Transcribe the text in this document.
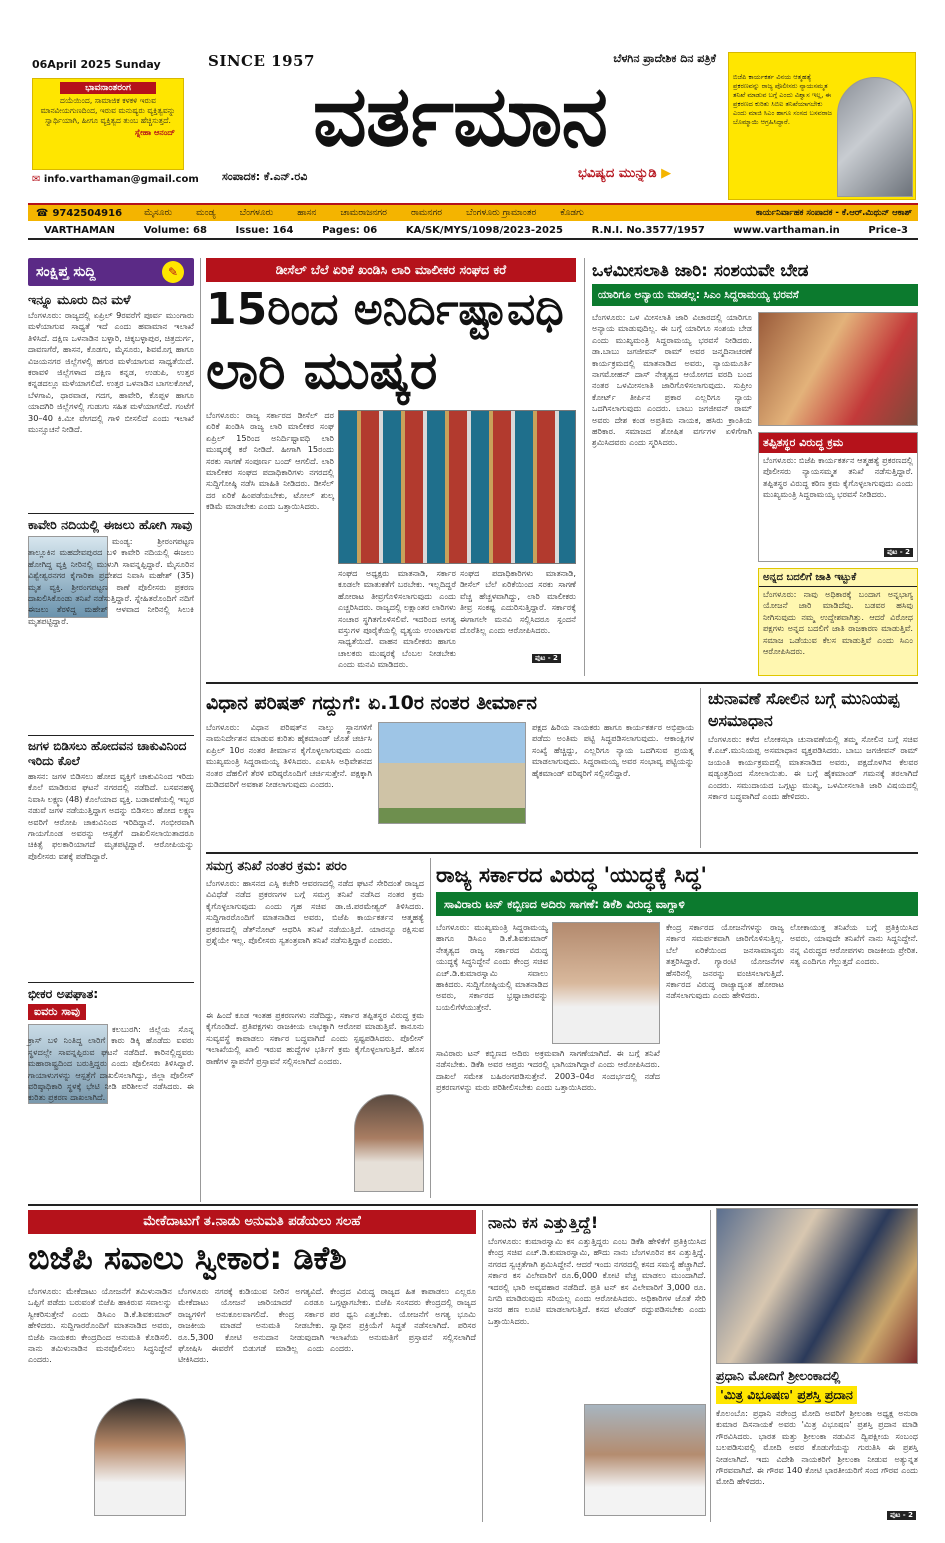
06April 2025 Sunday
ಭಾವನಾಂತರಂಗ
ದಯೆಯಿಂದ, ಸಾಮಾಜಿಕ ಕಳಕಳಿ ಇರುವ ಮಾನವೀಯಗುಣದಿಂದ, ಇರುವ ಮನುಷ್ಯರು ವ್ಯಕ್ತಿತ್ವವನ್ನು ಸ್ವಾರ್ಥಿಯಾಗಿ, ಹೀಗೂ ವ್ಯಕ್ತಿತ್ವದ ತುಂಬ ಹೆಚ್ಚಿಸುತ್ತದೆ.
ಸ್ನೇಹಾ ಆನಂದ್
✉ info.varthaman@gmail.com
SINCE 1957	ಬೆಳಗಿನ ಪ್ರಾದೇಶಿಕ ದಿನ ಪತ್ರಿಕೆ
ವರ್ತಮಾನ
ಸಂಪಾದಕ: ಕೆ.ಎನ್.ರವಿ	ಭವಿಷ್ಯದ ಮುನ್ನುಡಿ ▶
ಬಿಜೆಪಿ ಕಾರ್ಯಕರ್ತ ವಿನಯ ಆತ್ಮಹತ್ಯೆ ಪ್ರಕರಣವನ್ನು ರಾಜ್ಯ ಪೊಲೀಸರು ನ್ಯಾಯಸಮ್ಮತ ತನಿಖೆ ಮಾಡುವ ಬಗ್ಗೆ ಎಂದು ವಿಶ್ವಾಸ ಇಲ್ಲ, ಈ ಪ್ರಕರಣದ ಕುರಿತು ಸಿಬಿಐ ತನಿಖೆಯಾಗಬೇಕು ಎಂದು ಮಾಜಿ ಸಿಎಂ ಹಾಗೂ ಸಂಸದ ಬಸವರಾಜ ಬೊಮ್ಮಾಯಿ ಆಗ್ರಹಿಸಿದ್ದಾರೆ.
☎ 9742504916	ಮೈಸೂರು	ಮಂಡ್ಯ	ಬೆಂಗಳೂರು	ಹಾಸನ	ಚಾಮರಾಜನಗರ	ರಾಮನಗರ	ಬೆಂಗಳೂರು ಗ್ರಾಮಾಂತರ	ಕೊಡಗು	ಕಾರ್ಯನಿರ್ವಾಹಕ ಸಂಪಾದಕ - ಕೆ.ಆರ್.ಮಿಥುನ್ ಆಕಾಶ್
VARTHAMAN	Volume: 68	Issue: 164	Pages: 06	KA/SK/MYS/1098/2023-2025	R.N.I. No.3577/1957	www.varthaman.in	Price-3
ಸಂಕ್ಷಿಪ್ತ ಸುದ್ದಿ	✎
ಇನ್ನೂ ಮೂರು ದಿನ ಮಳೆ
ಬೆಂಗಳೂರು: ರಾಜ್ಯದಲ್ಲಿ ಏಪ್ರಿಲ್ 9ರವರೆಗೆ ಪೂರ್ವ ಮುಂಗಾರು ಮಳೆಯಾಗುವ ಸಾಧ್ಯತೆ ಇದೆ ಎಂದು ಹವಾಮಾನ ಇಲಾಖೆ ತಿಳಿಸಿದೆ. ದಕ್ಷಿಣ ಒಳನಾಡಿನ ಬಳ್ಳಾರಿ, ಚಿಕ್ಕಬಳ್ಳಾಪುರ, ಚಿತ್ರದುರ್ಗ, ದಾವಣಗೆರೆ, ಹಾಸನ, ಕೊಡಗು, ಮೈಸೂರು, ಶಿವಮೊಗ್ಗ ಹಾಗೂ ವಿಜಯನಗರ ಜಿಲ್ಲೆಗಳಲ್ಲಿ ಹಗುರ ಮಳೆಯಾಗುವ ಸಾಧ್ಯತೆಯಿದೆ. ಕರಾವಳಿ ಜಿಲ್ಲೆಗಳಾದ ದಕ್ಷಿಣ ಕನ್ನಡ, ಉಡುಪಿ, ಉತ್ತರ ಕನ್ನಡದಲ್ಲೂ ಮಳೆಯಾಗಲಿದೆ. ಉತ್ತರ ಒಳನಾಡಿನ ಬಾಗಲಕೋಟೆ, ಬೆಳಗಾವಿ, ಧಾರವಾಡ, ಗದಗ, ಹಾವೇರಿ, ಕೊಪ್ಪಳ ಹಾಗೂ ಯಾದಗಿರಿ ಜಿಲ್ಲೆಗಳಲ್ಲಿ ಗುಡುಗು ಸಹಿತ ಮಳೆಯಾಗಲಿದೆ. ಗಂಟೆಗೆ 30–40 ಕಿ.ಮೀ ವೇಗದಲ್ಲಿ ಗಾಳಿ ಬೀಸಲಿದೆ ಎಂದು ಇಲಾಖೆ ಮುನ್ಸೂಚನೆ ನೀಡಿದೆ.
ಕಾವೇರಿ ನದಿಯಲ್ಲಿ ಈಜಲು ಹೋಗಿ ಸಾವು
ಮಂಡ್ಯ: ಶ್ರೀರಂಗಪಟ್ಟಣ ತಾಲ್ಲೂಕಿನ ಮಹದೇವಪುರದ ಬಳಿ ಕಾವೇರಿ ನದಿಯಲ್ಲಿ ಈಜಲು ಹೋಗಿದ್ದ ವ್ಯಕ್ತಿ ನೀರಿನಲ್ಲಿ ಮುಳುಗಿ ಸಾವನ್ನಪ್ಪಿದ್ದಾರೆ. ಮೈಸೂರಿನ ವಿಶ್ವೇಶ್ವರನಗರ ಕೈಗಾರಿಕಾ ಪ್ರದೇಶದ ನಿವಾಸಿ ಮಹೇಶ್ (35) ಮೃತ ವ್ಯಕ್ತಿ. ಶ್ರೀರಂಗಪಟ್ಟಣ ಠಾಣೆ ಪೊಲೀಸರು ಪ್ರಕರಣ ದಾಖಲಿಸಿಕೊಂಡು ತನಿಖೆ ನಡೆಸುತ್ತಿದ್ದಾರೆ. ಸ್ನೇಹಿತರೊಂದಿಗೆ ನದಿಗೆ ಈಜಲು ತೆರಳಿದ್ದ ಮಹೇಶ್ ಆಳವಾದ ನೀರಿನಲ್ಲಿ ಸಿಲುಕಿ ಮೃತಪಟ್ಟಿದ್ದಾರೆ.
ಜಗಳ ಬಿಡಿಸಲು ಹೋದವನ ಚಾಕುವಿನಿಂದ ಇರಿದು ಕೊಲೆ
ಹಾಸನ: ಜಗಳ ಬಿಡಿಸಲು ಹೋದ ವ್ಯಕ್ತಿಗೆ ಚಾಕುವಿನಿಂದ ಇರಿದು ಕೊಲೆ ಮಾಡಿರುವ ಘಟನೆ ನಗರದಲ್ಲಿ ನಡೆದಿದೆ. ಬಸವನಹಳ್ಳಿ ನಿವಾಸಿ ಲಕ್ಷ್ಮಣ (48) ಕೊಲೆಯಾದ ವ್ಯಕ್ತಿ. ಬಡಾವಣೆಯಲ್ಲಿ ಇಬ್ಬರ ನಡುವೆ ಜಗಳ ನಡೆಯುತ್ತಿದ್ದಾಗ ಅದನ್ನು ಬಿಡಿಸಲು ಹೋದ ಲಕ್ಷ್ಮಣ ಅವರಿಗೆ ಆರೋಪಿ ಚಾಕುವಿನಿಂದ ಇರಿದಿದ್ದಾನೆ. ಗಂಭೀರವಾಗಿ ಗಾಯಗೊಂಡ ಅವರನ್ನು ಆಸ್ಪತ್ರೆಗೆ ದಾಖಲಿಸಲಾಯಿತಾದರೂ ಚಿಕಿತ್ಸೆ ಫಲಕಾರಿಯಾಗದೆ ಮೃತಪಟ್ಟಿದ್ದಾರೆ. ಆರೋಪಿಯನ್ನು ಪೊಲೀಸರು ವಶಕ್ಕೆ ಪಡೆದಿದ್ದಾರೆ.
ಭೀಕರ ಅಪಘಾತ:
ಐವರು ಸಾವು
ಕಲಬುರಗಿ: ಜಿಲ್ಲೆಯ ಸೊನ್ನ ಕ್ರಾಸ್ ಬಳಿ ನಿಂತಿದ್ದ ಲಾರಿಗೆ ಕಾರು ಡಿಕ್ಕಿ ಹೊಡೆದು ಐವರು ಸ್ಥಳದಲ್ಲೇ ಸಾವನ್ನಪ್ಪಿರುವ ಘಟನೆ ನಡೆದಿದೆ. ಕಾರಿನಲ್ಲಿದ್ದವರು ಮಹಾರಾಷ್ಟ್ರದಿಂದ ಬರುತ್ತಿದ್ದರು ಎಂದು ಪೊಲೀಸರು ತಿಳಿಸಿದ್ದಾರೆ. ಗಾಯಾಳುಗಳನ್ನು ಆಸ್ಪತ್ರೆಗೆ ದಾಖಲಿಸಲಾಗಿದ್ದು, ಜಿಲ್ಲಾ ಪೊಲೀಸ್ ವರಿಷ್ಠಾಧಿಕಾರಿ ಸ್ಥಳಕ್ಕೆ ಭೇಟಿ ನೀಡಿ ಪರಿಶೀಲನೆ ನಡೆಸಿದರು. ಈ ಕುರಿತು ಪ್ರಕರಣ ದಾಖಲಾಗಿದೆ.
ಡೀಸೆಲ್ ಬೆಲೆ ಏರಿಕೆ ಖಂಡಿಸಿ ಲಾರಿ ಮಾಲೀಕರ ಸಂಘದ ಕರೆ
15ರಿಂದ ಅನಿರ್ದಿಷ್ಟಾವಧಿ
ಲಾರಿ ಮುಷ್ಕರ
ಬೆಂಗಳೂರು: ರಾಜ್ಯ ಸರ್ಕಾರದ ಡೀಸೆಲ್ ದರ ಏರಿಕೆ ಖಂಡಿಸಿ ರಾಜ್ಯ ಲಾರಿ ಮಾಲೀಕರ ಸಂಘ ಏಪ್ರಿಲ್ 15ರಿಂದ ಅನಿರ್ದಿಷ್ಟಾವಧಿ ಲಾರಿ ಮುಷ್ಕರಕ್ಕೆ ಕರೆ ನೀಡಿದೆ. ಹೀಗಾಗಿ 15ರಂದು ಸರಕು ಸಾಗಣೆ ಸಂಪೂರ್ಣ ಬಂದ್ ಆಗಲಿದೆ. ಲಾರಿ ಮಾಲೀಕರ ಸಂಘದ ಪದಾಧಿಕಾರಿಗಳು ನಗರದಲ್ಲಿ ಸುದ್ದಿಗೋಷ್ಠಿ ನಡೆಸಿ ಮಾಹಿತಿ ನೀಡಿದರು. ಡೀಸೆಲ್ ದರ ಏರಿಕೆ ಹಿಂಪಡೆಯಬೇಕು, ಟೋಲ್ ಶುಲ್ಕ ಕಡಿಮೆ ಮಾಡಬೇಕು ಎಂದು ಒತ್ತಾಯಿಸಿದರು.
ಸಂಘದ ಅಧ್ಯಕ್ಷರು ಮಾತನಾಡಿ, ಸರ್ಕಾರ ಕೂಡಲೇ ಮಾತುಕತೆಗೆ ಬರಬೇಕು. ಇಲ್ಲದಿದ್ದರೆ ಹೋರಾಟ ತೀವ್ರಗೊಳಿಸಲಾಗುವುದು ಎಂದು ಎಚ್ಚರಿಸಿದರು. ರಾಜ್ಯದಲ್ಲಿ ಲಕ್ಷಾಂತರ ಲಾರಿಗಳು ಸಂಚಾರ ಸ್ಥಗಿತಗೊಳಿಸಲಿವೆ. ಇದರಿಂದ ಅಗತ್ಯ ವಸ್ತುಗಳ ಪೂರೈಕೆಯಲ್ಲಿ ವ್ಯತ್ಯಯ ಉಂಟಾಗುವ ಸಾಧ್ಯತೆಯಿದೆ. ವಾಹನ ಮಾಲೀಕರು ಹಾಗೂ ಚಾಲಕರು ಮುಷ್ಕರಕ್ಕೆ ಬೆಂಬಲ ನೀಡಬೇಕು ಎಂದು ಮನವಿ ಮಾಡಿದರು.
ಸಂಘದ ಪದಾಧಿಕಾರಿಗಳು ಮಾತನಾಡಿ, ಡೀಸೆಲ್ ಬೆಲೆ ಏರಿಕೆಯಿಂದ ಸರಕು ಸಾಗಣೆ ವೆಚ್ಚ ಹೆಚ್ಚಳವಾಗಿದ್ದು, ಲಾರಿ ಮಾಲೀಕರು ತೀವ್ರ ಸಂಕಷ್ಟ ಎದುರಿಸುತ್ತಿದ್ದಾರೆ. ಸರ್ಕಾರಕ್ಕೆ ಈಗಾಗಲೇ ಮನವಿ ಸಲ್ಲಿಸಿದರೂ ಸ್ಪಂದನೆ ದೊರೆತಿಲ್ಲ ಎಂದು ಆರೋಪಿಸಿದರು.
ಪುಟ - 2
ಒಳಮೀಸಲಾತಿ ಜಾರಿ: ಸಂಶಯವೇ ಬೇಡ
ಯಾರಿಗೂ ಅನ್ಯಾಯ ಮಾಡಲ್ಲ: ಸಿಎಂ ಸಿದ್ದರಾಮಯ್ಯ ಭರವಸೆ
ಬೆಂಗಳೂರು: ಒಳ ಮೀಸಲಾತಿ ಜಾರಿ ವಿಚಾರದಲ್ಲಿ ಯಾರಿಗೂ ಅನ್ಯಾಯ ಮಾಡುವುದಿಲ್ಲ. ಈ ಬಗ್ಗೆ ಯಾರಿಗೂ ಸಂಶಯ ಬೇಡ ಎಂದು ಮುಖ್ಯಮಂತ್ರಿ ಸಿದ್ದರಾಮಯ್ಯ ಭರವಸೆ ನೀಡಿದರು. ಡಾ.ಬಾಬು ಜಗಜೀವನ್ ರಾಮ್ ಅವರ ಜನ್ಮದಿನಾಚರಣೆ ಕಾರ್ಯಕ್ರಮದಲ್ಲಿ ಮಾತನಾಡಿದ ಅವರು, ನ್ಯಾಯಮೂರ್ತಿ ನಾಗಮೋಹನ್ ದಾಸ್ ನೇತೃತ್ವದ ಆಯೋಗದ ವರದಿ ಬಂದ ನಂತರ ಒಳಮೀಸಲಾತಿ ಜಾರಿಗೊಳಿಸಲಾಗುವುದು. ಸುಪ್ರೀಂ ಕೋರ್ಟ್ ತೀರ್ಪಿನ ಪ್ರಕಾರ ಎಲ್ಲರಿಗೂ ನ್ಯಾಯ ಒದಗಿಸಲಾಗುವುದು ಎಂದರು. ಬಾಬು ಜಗಜೀವನ್ ರಾಮ್ ಅವರು ದೇಶ ಕಂಡ ಅಪ್ರತಿಮ ನಾಯಕ, ಹಸಿರು ಕ್ರಾಂತಿಯ ಹರಿಕಾರ. ಸಮಾಜದ ಶೋಷಿತ ವರ್ಗಗಳ ಏಳಿಗೆಗಾಗಿ ಶ್ರಮಿಸಿದವರು ಎಂದು ಸ್ಮರಿಸಿದರು.	ತಪ್ಪಿತಸ್ಥರ ವಿರುದ್ಧ ಕ್ರಮ
ಬೆಂಗಳೂರು: ಬಿಜೆಪಿ ಕಾರ್ಯಕರ್ತನ ಆತ್ಮಹತ್ಯೆ ಪ್ರಕರಣದಲ್ಲಿ ಪೊಲೀಸರು ನ್ಯಾಯಸಮ್ಮತ ತನಿಖೆ ನಡೆಸುತ್ತಿದ್ದಾರೆ. ತಪ್ಪಿತಸ್ಥರ ವಿರುದ್ಧ ಕಠಿಣ ಕ್ರಮ ಕೈಗೊಳ್ಳಲಾಗುವುದು ಎಂದು ಮುಖ್ಯಮಂತ್ರಿ ಸಿದ್ದರಾಮಯ್ಯ ಭರವಸೆ ನೀಡಿದರು.
ಪುಟ - 2
ಅನ್ನದ ಬದಲಿಗೆ ಜಾತಿ ಇಟ್ಟುಕೆ
ಬೆಂಗಳೂರು: ನಾವು ಅಧಿಕಾರಕ್ಕೆ ಬಂದಾಗ ಅನ್ನಭಾಗ್ಯ ಯೋಜನೆ ಜಾರಿ ಮಾಡಿದೆವು. ಬಡವರ ಹಸಿವು ನೀಗಿಸುವುದು ನಮ್ಮ ಉದ್ದೇಶವಾಗಿತ್ತು. ಆದರೆ ವಿರೋಧ ಪಕ್ಷಗಳು ಅನ್ನದ ಬದಲಿಗೆ ಜಾತಿ ರಾಜಕಾರಣ ಮಾಡುತ್ತಿವೆ. ಸಮಾಜ ಒಡೆಯುವ ಕೆಲಸ ಮಾಡುತ್ತಿವೆ ಎಂದು ಸಿಎಂ ಆರೋಪಿಸಿದರು.
ವಿಧಾನ ಪರಿಷತ್ ಗದ್ದುಗೆ: ಏ.10ರ ನಂತರ ತೀರ್ಮಾನ
ಬೆಂಗಳೂರು: ವಿಧಾನ ಪರಿಷತ್‌ನ ನಾಲ್ಕು ಸ್ಥಾನಗಳಿಗೆ ನಾಮನಿರ್ದೇಶನ ಮಾಡುವ ಕುರಿತು ಹೈಕಮಾಂಡ್ ಜೊತೆ ಚರ್ಚಿಸಿ ಏಪ್ರಿಲ್ 10ರ ನಂತರ ತೀರ್ಮಾನ ಕೈಗೊಳ್ಳಲಾಗುವುದು ಎಂದು ಮುಖ್ಯಮಂತ್ರಿ ಸಿದ್ದರಾಮಯ್ಯ ತಿಳಿಸಿದರು. ಎಐಸಿಸಿ ಅಧಿವೇಶನದ ನಂತರ ದೆಹಲಿಗೆ ತೆರಳಿ ವರಿಷ್ಠರೊಂದಿಗೆ ಚರ್ಚಿಸುತ್ತೇನೆ. ಪಕ್ಷಕ್ಕಾಗಿ ದುಡಿದವರಿಗೆ ಅವಕಾಶ ನೀಡಲಾಗುವುದು ಎಂದರು.
ಪಕ್ಷದ ಹಿರಿಯ ನಾಯಕರು ಹಾಗೂ ಕಾರ್ಯಕರ್ತರ ಅಭಿಪ್ರಾಯ ಪಡೆದು ಅಂತಿಮ ಪಟ್ಟಿ ಸಿದ್ಧಪಡಿಸಲಾಗುವುದು. ಆಕಾಂಕ್ಷಿಗಳ ಸಂಖ್ಯೆ ಹೆಚ್ಚಿದ್ದು, ಎಲ್ಲರಿಗೂ ನ್ಯಾಯ ಒದಗಿಸುವ ಪ್ರಯತ್ನ ಮಾಡಲಾಗುವುದು. ಸಿದ್ದರಾಮಯ್ಯ ಅವರ ಸಂಭಾವ್ಯ ಪಟ್ಟಿಯನ್ನು ಹೈಕಮಾಂಡ್ ವರಿಷ್ಠರಿಗೆ ಸಲ್ಲಿಸಲಿದ್ದಾರೆ.
ಚುನಾವಣೆ ಸೋಲಿನ ಬಗ್ಗೆ ಮುನಿಯಪ್ಪ ಅಸಮಾಧಾನ
ಬೆಂಗಳೂರು: ಕಳೆದ ಲೋಕಸಭಾ ಚುನಾವಣೆಯಲ್ಲಿ ತಮ್ಮ ಸೋಲಿನ ಬಗ್ಗೆ ಸಚಿವ ಕೆ.ಎಚ್.ಮುನಿಯಪ್ಪ ಅಸಮಾಧಾನ ವ್ಯಕ್ತಪಡಿಸಿದರು. ಬಾಬು ಜಗಜೀವನ್ ರಾಮ್ ಜಯಂತಿ ಕಾರ್ಯಕ್ರಮದಲ್ಲಿ ಮಾತನಾಡಿದ ಅವರು, ಪಕ್ಷದೊಳಗಿನ ಕೆಲವರ ಷಡ್ಯಂತ್ರದಿಂದ ಸೋಲಾಯಿತು. ಈ ಬಗ್ಗೆ ಹೈಕಮಾಂಡ್ ಗಮನಕ್ಕೆ ತರಲಾಗಿದೆ ಎಂದರು. ಸಮುದಾಯದ ಒಗ್ಗಟ್ಟು ಮುಖ್ಯ, ಒಳಮೀಸಲಾತಿ ಜಾರಿ ವಿಷಯದಲ್ಲಿ ಸರ್ಕಾರ ಬದ್ಧವಾಗಿದೆ ಎಂದು ಹೇಳಿದರು.
ಸಮಗ್ರ ತನಿಖೆ ನಂತರ ಕ್ರಮ: ಪರಂ
ಬೆಂಗಳೂರು: ಹಾಸನದ ಎಸ್ಪಿ ಕಚೇರಿ ಆವರಣದಲ್ಲಿ ನಡೆದ ಘಟನೆ ಸೇರಿದಂತೆ ರಾಜ್ಯದ ವಿವಿಧೆಡೆ ನಡೆದ ಪ್ರಕರಣಗಳ ಬಗ್ಗೆ ಸಮಗ್ರ ತನಿಖೆ ನಡೆಸಿದ ನಂತರ ಕ್ರಮ ಕೈಗೊಳ್ಳಲಾಗುವುದು ಎಂದು ಗೃಹ ಸಚಿವ ಡಾ.ಜಿ.ಪರಮೇಶ್ವರ್ ತಿಳಿಸಿದರು. ಸುದ್ದಿಗಾರರೊಂದಿಗೆ ಮಾತನಾಡಿದ ಅವರು, ಬಿಜೆಪಿ ಕಾರ್ಯಕರ್ತನ ಆತ್ಮಹತ್ಯೆ ಪ್ರಕರಣದಲ್ಲಿ ಡೆತ್‌ನೋಟ್ ಆಧರಿಸಿ ತನಿಖೆ ನಡೆಯುತ್ತಿದೆ. ಯಾರನ್ನೂ ರಕ್ಷಿಸುವ ಪ್ರಶ್ನೆಯೇ ಇಲ್ಲ. ಪೊಲೀಸರು ಸ್ವತಂತ್ರವಾಗಿ ತನಿಖೆ ನಡೆಸುತ್ತಿದ್ದಾರೆ ಎಂದರು.
ಈ ಹಿಂದೆ ಕೂಡ ಇಂತಹ ಪ್ರಕರಣಗಳು ನಡೆದಿದ್ದು, ಸರ್ಕಾರ ತಪ್ಪಿತಸ್ಥರ ವಿರುದ್ಧ ಕ್ರಮ ಕೈಗೊಂಡಿದೆ. ಪ್ರತಿಪಕ್ಷಗಳು ರಾಜಕೀಯ ಲಾಭಕ್ಕಾಗಿ ಆರೋಪ ಮಾಡುತ್ತಿವೆ. ಕಾನೂನು ಸುವ್ಯವಸ್ಥೆ ಕಾಪಾಡಲು ಸರ್ಕಾರ ಬದ್ಧವಾಗಿದೆ ಎಂದು ಸ್ಪಷ್ಟಪಡಿಸಿದರು. ಪೊಲೀಸ್ ಇಲಾಖೆಯಲ್ಲಿ ಖಾಲಿ ಇರುವ ಹುದ್ದೆಗಳ ಭರ್ತಿಗೆ ಕ್ರಮ ಕೈಗೊಳ್ಳಲಾಗುತ್ತಿದೆ. ಹೊಸ ಠಾಣೆಗಳ ಸ್ಥಾಪನೆಗೆ ಪ್ರಸ್ತಾವನೆ ಸಲ್ಲಿಸಲಾಗಿದೆ ಎಂದರು.
ರಾಜ್ಯ ಸರ್ಕಾರದ ವಿರುದ್ಧ 'ಯುದ್ಧಕ್ಕೆ ಸಿದ್ಧ'
ಸಾವಿರಾರು ಟನ್ ಕಬ್ಬಿಣದ ಅದಿರು ಸಾಗಣೆ: ಡಿಕೆಶಿ ವಿರುದ್ಧ ವಾಗ್ದಾಳಿ
ಬೆಂಗಳೂರು: ಮುಖ್ಯಮಂತ್ರಿ ಸಿದ್ದರಾಮಯ್ಯ ಹಾಗೂ ಡಿಸಿಎಂ ಡಿ.ಕೆ.ಶಿವಕುಮಾರ್ ನೇತೃತ್ವದ ರಾಜ್ಯ ಸರ್ಕಾರದ ವಿರುದ್ಧ ಯುದ್ಧಕ್ಕೆ ಸಿದ್ಧನಿದ್ದೇನೆ ಎಂದು ಕೇಂದ್ರ ಸಚಿವ ಎಚ್.ಡಿ.ಕುಮಾರಸ್ವಾಮಿ ಸವಾಲು ಹಾಕಿದರು. ಸುದ್ದಿಗೋಷ್ಠಿಯಲ್ಲಿ ಮಾತನಾಡಿದ ಅವರು, ಸರ್ಕಾರದ ಭ್ರಷ್ಟಾಚಾರವನ್ನು ಬಯಲಿಗೆಳೆಯುತ್ತೇನೆ.
ಸಾವಿರಾರು ಟನ್ ಕಬ್ಬಿಣದ ಅದಿರು ಅಕ್ರಮವಾಗಿ ಸಾಗಣೆಯಾಗಿದೆ. ಈ ಬಗ್ಗೆ ತನಿಖೆ ನಡೆಸಬೇಕು. ಡಿಕೆಶಿ ಅವರ ಆಪ್ತರು ಇದರಲ್ಲಿ ಭಾಗಿಯಾಗಿದ್ದಾರೆ ಎಂದು ಆರೋಪಿಸಿದರು. ದಾಖಲೆ ಸಮೇತ ಬಹಿರಂಗಪಡಿಸುತ್ತೇನೆ. 2003–04ರ ಸಂದರ್ಭದಲ್ಲಿ ನಡೆದ ಪ್ರಕರಣಗಳನ್ನು ಮರು ಪರಿಶೀಲಿಸಬೇಕು ಎಂದು ಒತ್ತಾಯಿಸಿದರು.
ಕೇಂದ್ರ ಸರ್ಕಾರದ ಯೋಜನೆಗಳನ್ನು ರಾಜ್ಯ ಸರ್ಕಾರ ಸಮರ್ಪಕವಾಗಿ ಜಾರಿಗೊಳಿಸುತ್ತಿಲ್ಲ. ಬೆಲೆ ಏರಿಕೆಯಿಂದ ಜನಸಾಮಾನ್ಯರು ತತ್ತರಿಸಿದ್ದಾರೆ. ಗ್ಯಾರಂಟಿ ಯೋಜನೆಗಳ ಹೆಸರಿನಲ್ಲಿ ಜನರನ್ನು ವಂಚಿಸಲಾಗುತ್ತಿದೆ. ಸರ್ಕಾರದ ವಿರುದ್ಧ ರಾಜ್ಯಾದ್ಯಂತ ಹೋರಾಟ ನಡೆಸಲಾಗುವುದು ಎಂದು ಹೇಳಿದರು.
ಲೋಕಾಯುಕ್ತ ತನಿಖೆಯ ಬಗ್ಗೆ ಪ್ರತಿಕ್ರಿಯಿಸಿದ ಅವರು, ಯಾವುದೇ ತನಿಖೆಗೆ ನಾನು ಸಿದ್ಧನಿದ್ದೇನೆ. ನನ್ನ ವಿರುದ್ಧದ ಆರೋಪಗಳು ರಾಜಕೀಯ ಪ್ರೇರಿತ. ಸತ್ಯ ಎಂದಿಗೂ ಗೆಲ್ಲುತ್ತದೆ ಎಂದರು.
ಮೇಕೆದಾಟುಗೆ ತ.ನಾಡು ಅನುಮತಿ ಪಡೆಯಲು ಸಲಹೆ
ಬಿಜೆಪಿ ಸವಾಲು ಸ್ವೀಕಾರ: ಡಿಕೆಶಿ
ಬೆಂಗಳೂರು: ಮೇಕೆದಾಟು ಯೋಜನೆಗೆ ತಮಿಳುನಾಡಿನ ಒಪ್ಪಿಗೆ ಪಡೆದು ಬರುವಂತೆ ಬಿಜೆಪಿ ಹಾಕಿರುವ ಸವಾಲನ್ನು ಸ್ವೀಕರಿಸುತ್ತೇನೆ ಎಂದು ಡಿಸಿಎಂ ಡಿ.ಕೆ.ಶಿವಕುಮಾರ್ ಹೇಳಿದರು. ಸುದ್ದಿಗಾರರೊಂದಿಗೆ ಮಾತನಾಡಿದ ಅವರು, ಬಿಜೆಪಿ ನಾಯಕರು ಕೇಂದ್ರದಿಂದ ಅನುಮತಿ ಕೊಡಿಸಲಿ. ನಾನು ತಮಿಳುನಾಡಿನ ಮನವೊಲಿಸಲು ಸಿದ್ಧನಿದ್ದೇನೆ ಎಂದರು.
ಬೆಂಗಳೂರು ನಗರಕ್ಕೆ ಕುಡಿಯುವ ನೀರಿನ ಅಗತ್ಯವಿದೆ. ಮೇಕೆದಾಟು ಯೋಜನೆ ಜಾರಿಯಾದರೆ ಎರಡೂ ರಾಜ್ಯಗಳಿಗೆ ಅನುಕೂಲವಾಗಲಿದೆ. ಕೇಂದ್ರ ಸರ್ಕಾರ ರಾಜಕೀಯ ಮಾಡದೆ ಅನುಮತಿ ನೀಡಬೇಕು. ರೂ.5,300 ಕೋಟಿ ಅನುದಾನ ನೀಡುವುದಾಗಿ ಘೋಷಿಸಿ ಈವರೆಗೆ ಬಿಡುಗಡೆ ಮಾಡಿಲ್ಲ ಎಂದು ಟೀಕಿಸಿದರು.
ಕೇಂದ್ರದ ವಿರುದ್ಧ ರಾಜ್ಯದ ಹಿತ ಕಾಪಾಡಲು ಎಲ್ಲರೂ ಒಗ್ಗಟ್ಟಾಗಬೇಕು. ಬಿಜೆಪಿ ಸಂಸದರು ಕೇಂದ್ರದಲ್ಲಿ ರಾಜ್ಯದ ಪರ ಧ್ವನಿ ಎತ್ತಬೇಕು. ಯೋಜನೆಗೆ ಅಗತ್ಯ ಭೂಮಿ ಸ್ವಾಧೀನ ಪ್ರಕ್ರಿಯೆಗೆ ಸಿದ್ಧತೆ ನಡೆಸಲಾಗಿದೆ. ಪರಿಸರ ಇಲಾಖೆಯ ಅನುಮತಿಗೆ ಪ್ರಸ್ತಾವನೆ ಸಲ್ಲಿಸಲಾಗಿದೆ ಎಂದರು.
ನಾನು ಕಸ ಎತ್ತುತ್ತಿದ್ದೆ!
ಬೆಂಗಳೂರು: ಕುಮಾರಸ್ವಾಮಿ ಕಸ ಎತ್ತುತ್ತಿದ್ದರು ಎಂಬ ಡಿಕೆಶಿ ಹೇಳಿಕೆಗೆ ಪ್ರತಿಕ್ರಿಯಿಸಿದ ಕೇಂದ್ರ ಸಚಿವ ಎಚ್.ಡಿ.ಕುಮಾರಸ್ವಾಮಿ, ಹೌದು ನಾನು ಬೆಂಗಳೂರಿನ ಕಸ ಎತ್ತುತ್ತಿದ್ದೆ. ನಗರದ ಸ್ವಚ್ಛತೆಗಾಗಿ ಶ್ರಮಿಸಿದ್ದೇನೆ. ಆದರೆ ಇಂದು ನಗರದಲ್ಲಿ ಕಸದ ಸಮಸ್ಯೆ ಹೆಚ್ಚಾಗಿದೆ. ಸರ್ಕಾರ ಕಸ ವಿಲೇವಾರಿಗೆ ರೂ.6,000 ಕೋಟಿ ವೆಚ್ಚ ಮಾಡಲು ಮುಂದಾಗಿದೆ. ಇದರಲ್ಲಿ ಭಾರಿ ಅವ್ಯವಹಾರ ನಡೆದಿದೆ. ಪ್ರತಿ ಟನ್ ಕಸ ವಿಲೇವಾರಿಗೆ 3,000 ರೂ. ನಿಗದಿ ಮಾಡಿರುವುದು ಸರಿಯಲ್ಲ ಎಂದು ಆರೋಪಿಸಿದರು. ಅಧಿಕಾರಿಗಳ ಜೊತೆ ಸೇರಿ ಜನರ ಹಣ ಲೂಟಿ ಮಾಡಲಾಗುತ್ತಿದೆ. ಕಸದ ಟೆಂಡರ್ ರದ್ದುಪಡಿಸಬೇಕು ಎಂದು ಒತ್ತಾಯಿಸಿದರು.
ಪ್ರಧಾನಿ ಮೋದಿಗೆ ಶ್ರೀಲಂಕಾದಲ್ಲಿ
'ಮಿತ್ರ ವಿಭೂಷಣ' ಪ್ರಶಸ್ತಿ ಪ್ರದಾನ
ಕೊಲಂಬೊ: ಪ್ರಧಾನಿ ನರೇಂದ್ರ ಮೋದಿ ಅವರಿಗೆ ಶ್ರೀಲಂಕಾ ಅಧ್ಯಕ್ಷ ಅನುರಾ ಕುಮಾರ ದಿಸನಾಯಕೆ ಅವರು 'ಮಿತ್ರ ವಿಭೂಷಣ' ಪ್ರಶಸ್ತಿ ಪ್ರದಾನ ಮಾಡಿ ಗೌರವಿಸಿದರು. ಭಾರತ ಮತ್ತು ಶ್ರೀಲಂಕಾ ನಡುವಿನ ದ್ವಿಪಕ್ಷೀಯ ಸಂಬಂಧ ಬಲಪಡಿಸುವಲ್ಲಿ ಮೋದಿ ಅವರ ಕೊಡುಗೆಯನ್ನು ಗುರುತಿಸಿ ಈ ಪ್ರಶಸ್ತಿ ನೀಡಲಾಗಿದೆ. ಇದು ವಿದೇಶಿ ನಾಯಕರಿಗೆ ಶ್ರೀಲಂಕಾ ನೀಡುವ ಅತ್ಯುನ್ನತ ಗೌರವವಾಗಿದೆ. ಈ ಗೌರವ 140 ಕೋಟಿ ಭಾರತೀಯರಿಗೆ ಸಂದ ಗೌರವ ಎಂದು ಮೋದಿ ಹೇಳಿದರು.
ಪುಟ - 2
